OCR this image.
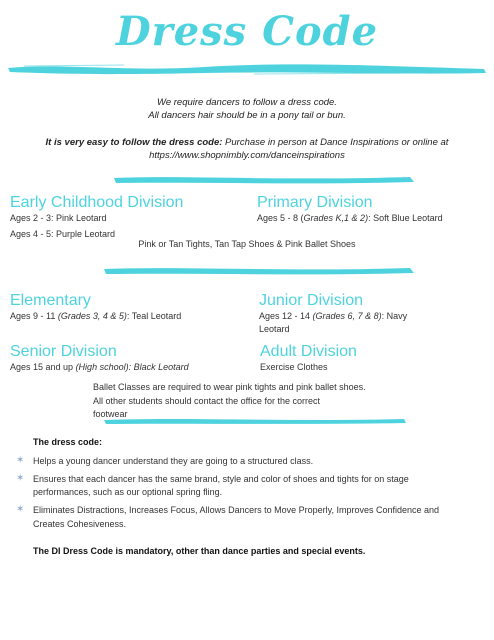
Dress Code
We require dancers to follow a dress code.
All dancers hair should be in a pony tail or bun.
It is very easy to follow the dress code: Purchase in person at Dance Inspirations or online at
https://www.shopnimbly.com/danceinspirations
Early Childhood Division
Ages 2 - 3: Pink Leotard
Ages 4 - 5: Purple Leotard
Primary Division
Ages 5 - 8 (Grades K,1 & 2): Soft Blue Leotard
Pink or Tan Tights, Tan Tap Shoes & Pink Ballet Shoes
Elementary
Ages 9 - 11 (Grades 3, 4 & 5): Teal Leotard
Junior Division
Ages 12 - 14 (Grades 6, 7 & 8): Navy
Leotard
Senior Division
Ages 15 and up (High school): Black Leotard
Adult Division
Exercise Clothes
Ballet Classes are required to wear pink tights and pink ballet shoes.
All other students should contact the office for the correct
footwear
The dress code:
✶ Helps a young dancer understand they are going to a structured class.
✶ Ensures that each dancer has the same brand, style and color of shoes and tights for on stage
performances, such as our optional spring fling.
✶ Eliminates Distractions, Increases Focus, Allows Dancers to Move Properly, Improves Confidence and
Creates Cohesiveness.
The DI Dress Code is mandatory, other than dance parties and special events.
